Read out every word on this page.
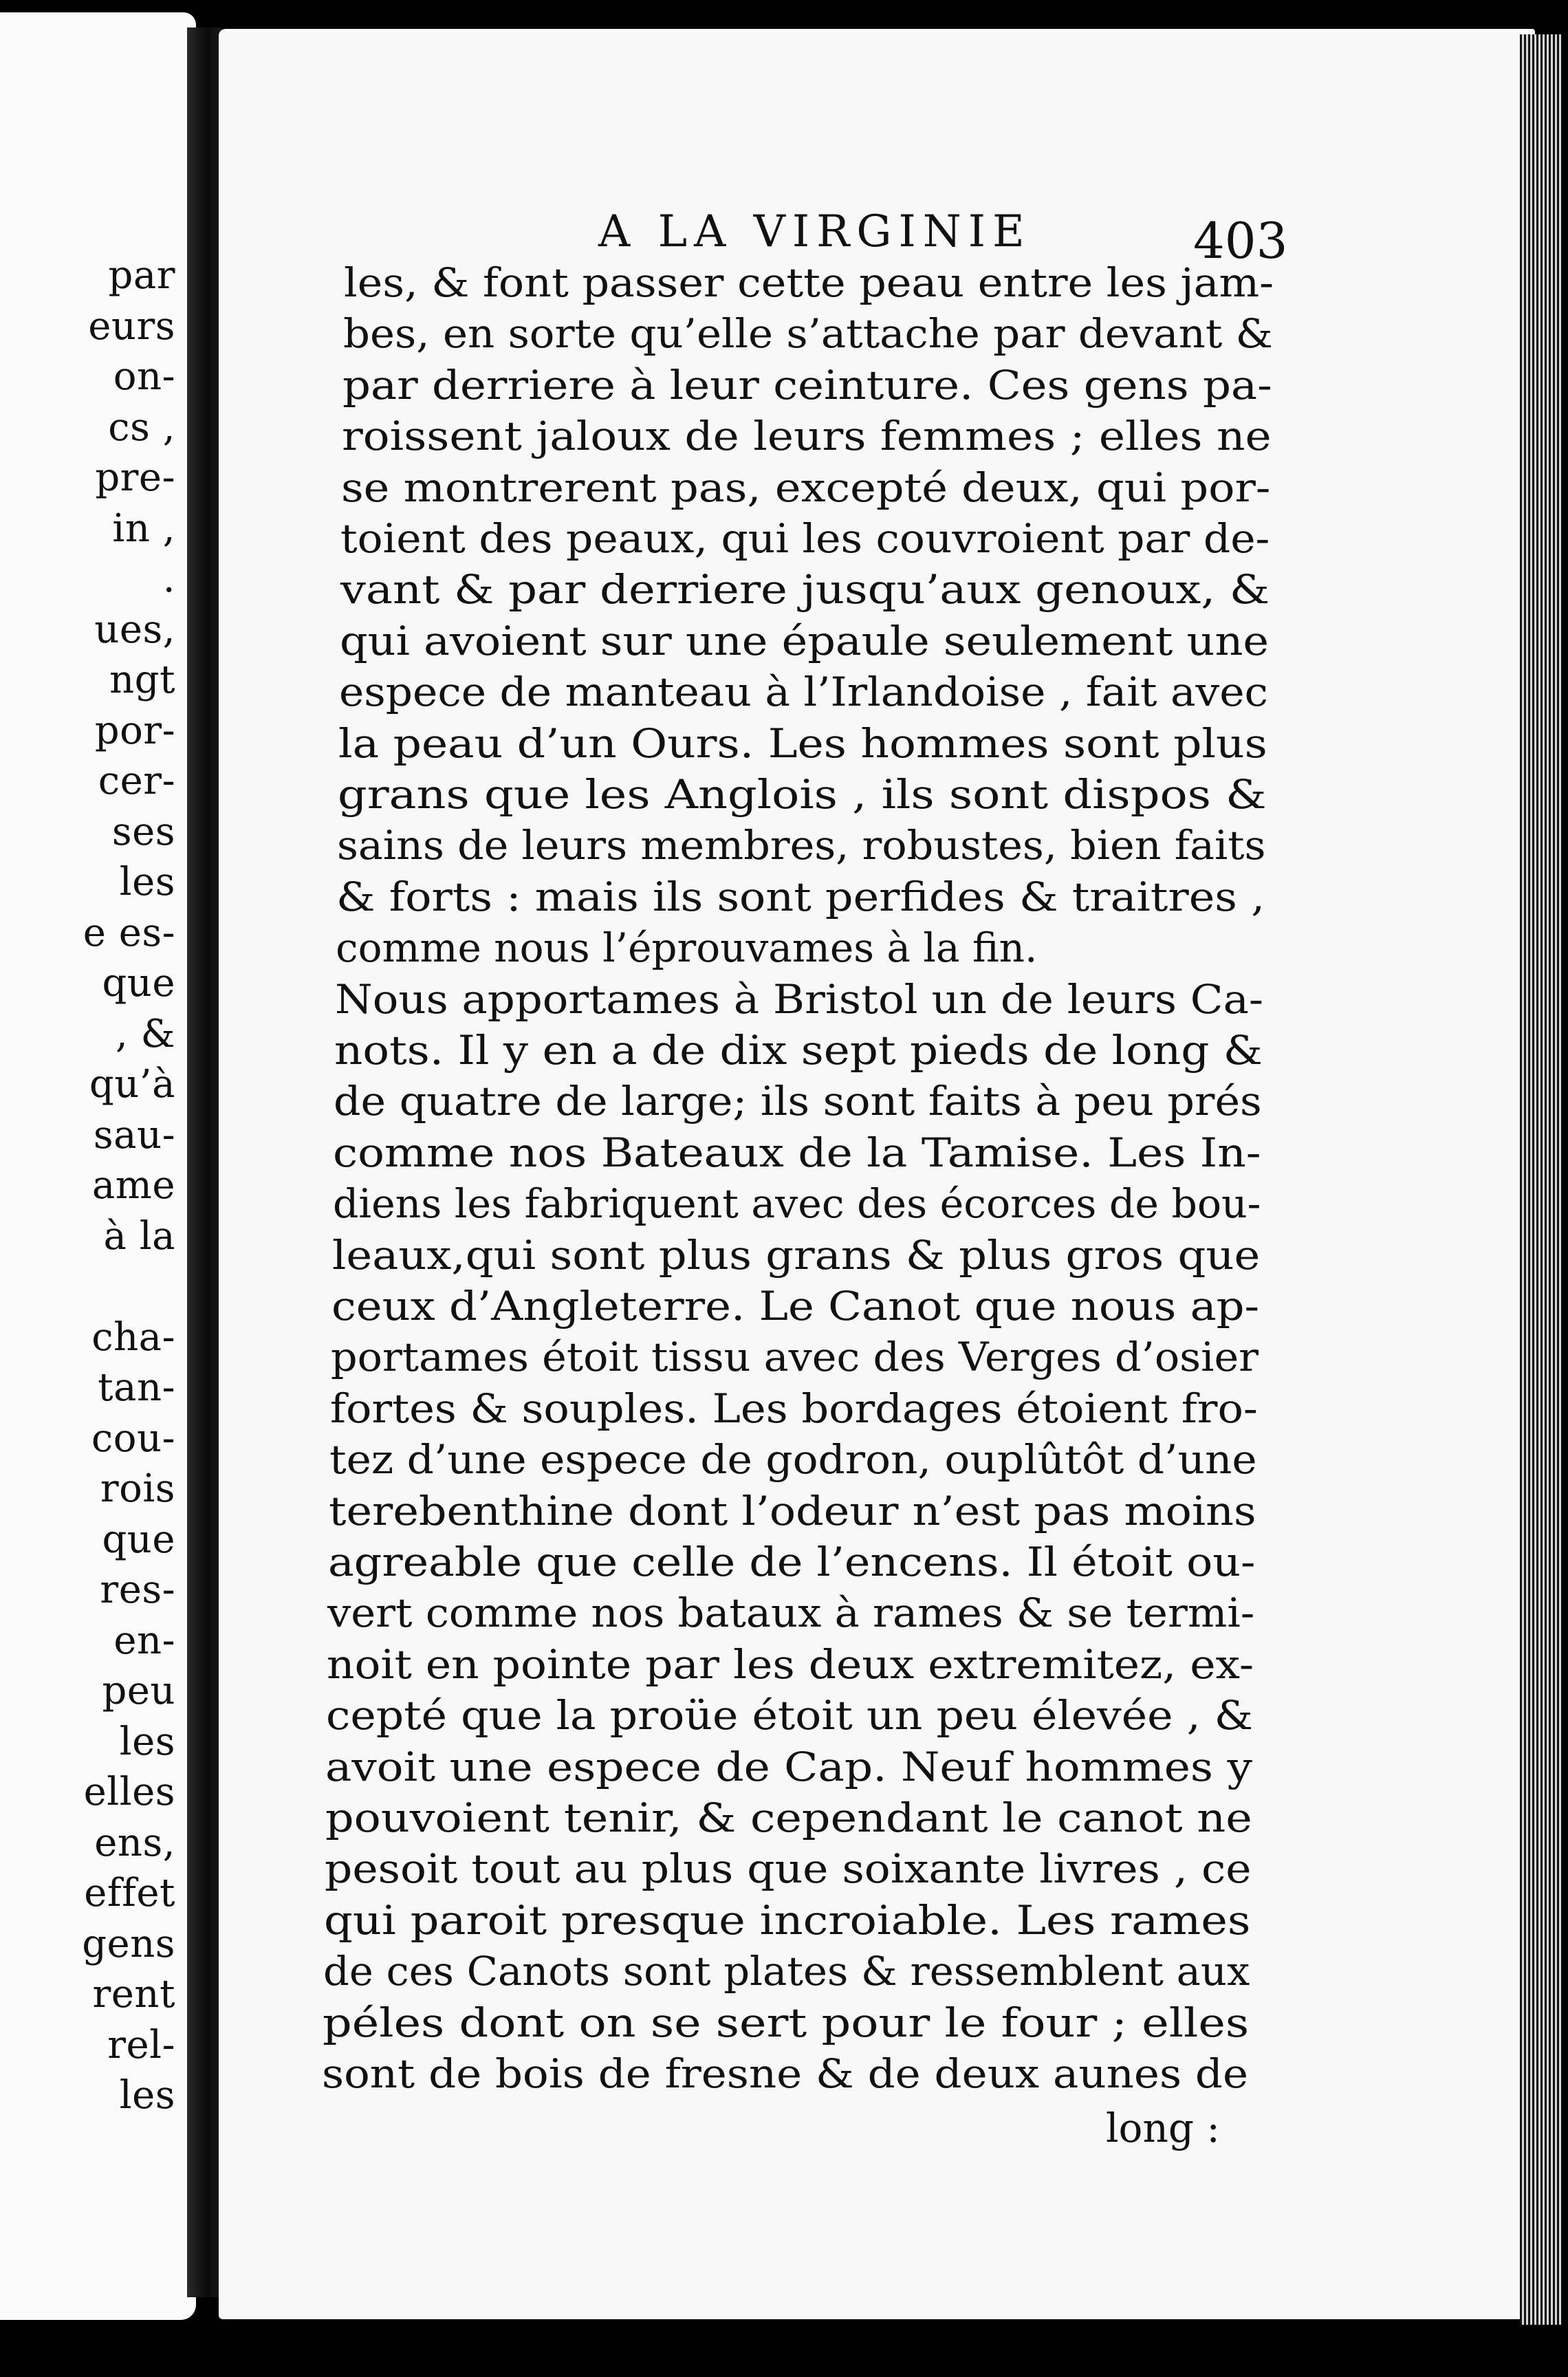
par
eurs
on-
cs ,
pre-
in ,
.
ues,
ngt
por-
cer-
ses
les
e es-
que
, &
qu’à
sau-
ame
à la
cha-
tan-
cou-
rois
que
res-
en-
peu
les
elles
ens,
effet
gens
rent
rel-
les
A LA VIRGINIE	403
les, & font passer cette peau entre les jam-
bes, en sorte qu’elle s’attache par devant &
par derriere à leur ceinture. Ces gens pa-
roissent jaloux de leurs femmes ; elles ne
se montrerent pas, excepté deux, qui por-
toient des peaux, qui les couvroient par de-
vant & par derriere jusqu’aux genoux, &
qui avoient sur une épaule seulement une
espece de manteau à l’Irlandoise , fait avec
la peau d’un Ours. Les hommes sont plus
grans que les Anglois , ils sont dispos &
sains de leurs membres, robustes, bien faits
& forts : mais ils sont perfides & traitres ,
comme nous l’éprouvames à la fin.
Nous apportames à Bristol un de leurs Ca-
nots. Il y en a de dix sept pieds de long &
de quatre de large; ils sont faits à peu prés
comme nos Bateaux de la Tamise. Les In-
diens les fabriquent avec des écorces de bou-
leaux,qui sont plus grans & plus gros que
ceux d’Angleterre. Le Canot que nous ap-
portames étoit tissu avec des Verges d’osier
fortes & souples. Les bordages étoient fro-
tez d’une espece de godron, ouplûtôt d’une
terebenthine dont l’odeur n’est pas moins
agreable que celle de l’encens. Il étoit ou-
vert comme nos bataux à rames & se termi-
noit en pointe par les deux extremitez, ex-
cepté que la proüe étoit un peu élevée , &
avoit une espece de Cap. Neuf hommes y
pouvoient tenir, & cependant le canot ne
pesoit tout au plus que soixante livres , ce
qui paroit presque incroiable. Les rames
de ces Canots sont plates & ressemblent aux
péles dont on se sert pour le four ; elles
sont de bois de fresne & de deux aunes de
long :
